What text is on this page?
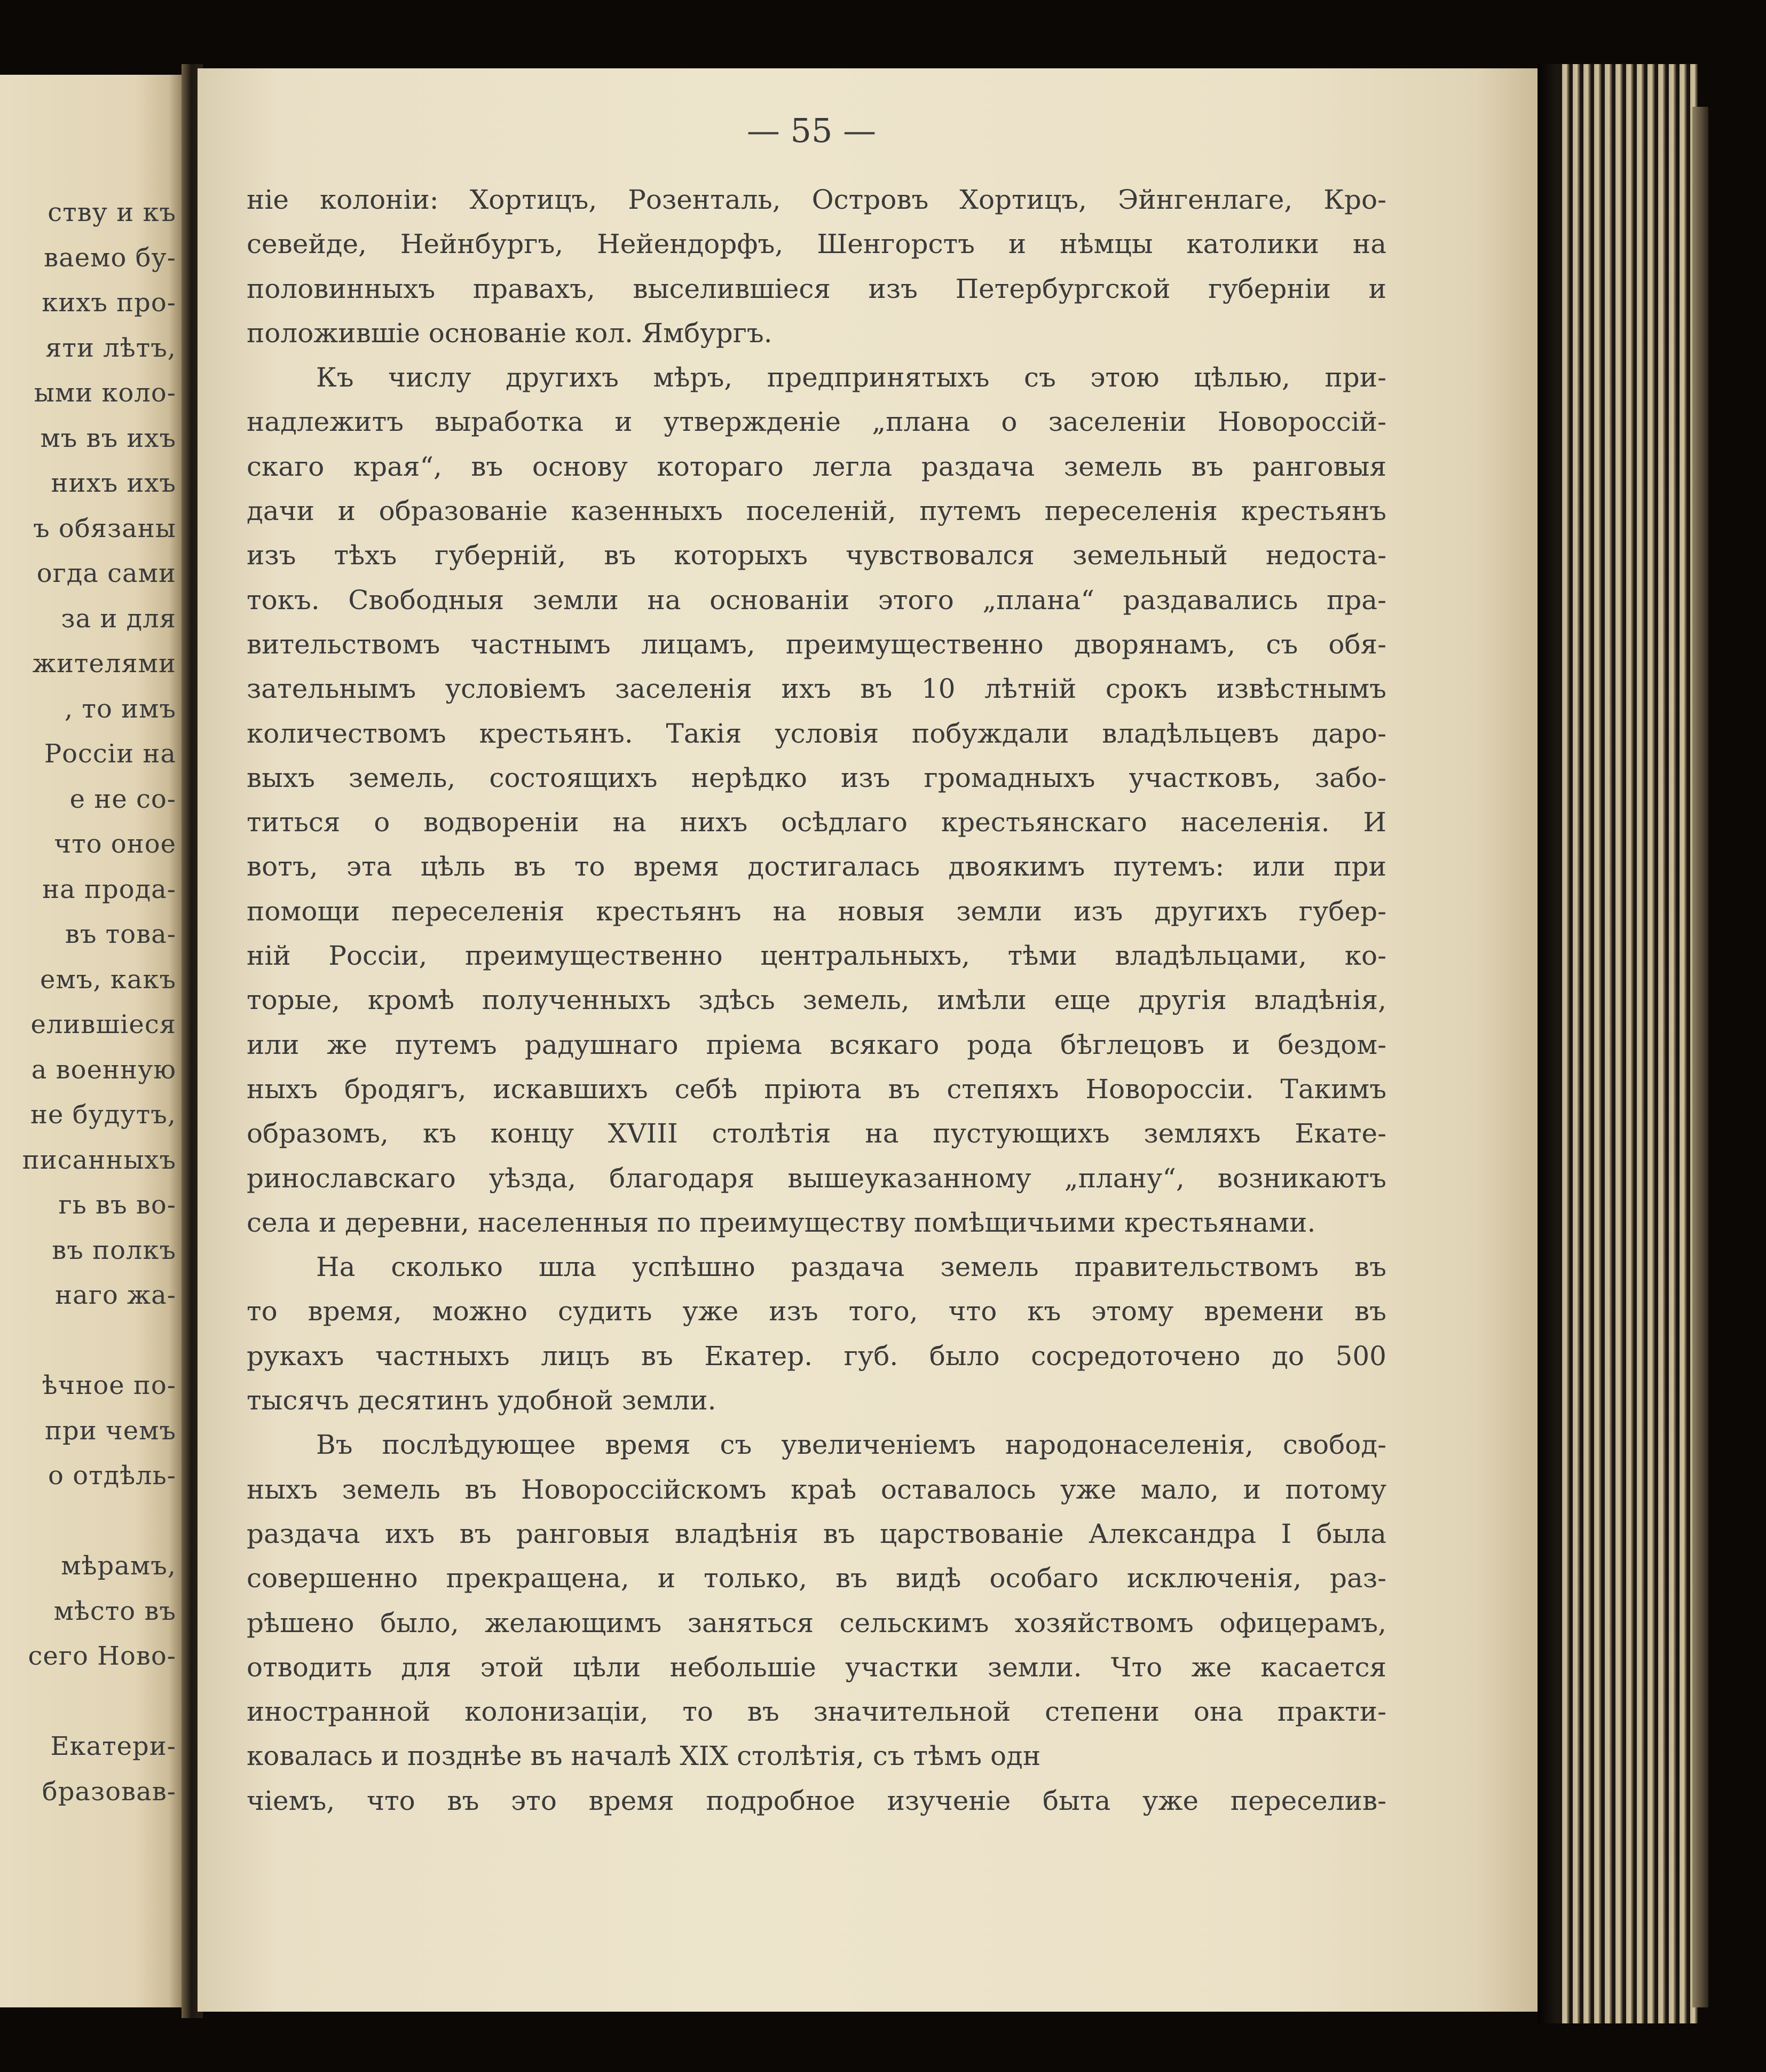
ству и къ
ваемо бу-
кихъ про-
яти лѣтъ,
ыми коло-
мъ въ ихъ
нихъ ихъ
ъ обязаны
огда сами
за и для
жителями
, то имъ
Россіи на
е не со-
что оное
на прода-
въ това-
емъ, какъ
елившіеся
а военную
не будутъ,
писанныхъ
гь въ во-
въ полкъ
наго жа-
ѣчное по-
при чемъ
о отдѣль-
мѣрамъ,
мѣсто въ
сего Ново-
Екатери-
бразовав-
— 55 —
ніе колоніи: Хортицъ, Розенталь, Островъ Хортицъ, Эйнгенлаге, Кро-
севейде, Нейнбургъ, Нейендорфъ, Шенгорстъ и нѣмцы католики на
половинныхъ правахъ, выселившіеся изъ Петербургской губерніи и
положившіе основаніе кол. Ямбургъ.
Къ числу другихъ мѣръ, предпринятыхъ съ этою цѣлью, при-
надлежитъ выработка и утвержденіе „плана о заселеніи Новороссій-
скаго края“, въ основу котораго легла раздача земель въ ранговыя
дачи и образованіе казенныхъ поселеній, путемъ переселенія крестьянъ
изъ тѣхъ губерній, въ которыхъ чувствовался земельный недоста-
токъ. Свободныя земли на основаніи этого „плана“ раздавались пра-
вительствомъ частнымъ лицамъ, преимущественно дворянамъ, съ обя-
зательнымъ условіемъ заселенія ихъ въ 10 лѣтній срокъ извѣстнымъ
количествомъ крестьянъ. Такія условія побуждали владѣльцевъ даро-
выхъ земель, состоящихъ нерѣдко изъ громадныхъ участковъ, забо-
титься о водвореніи на нихъ осѣдлаго крестьянскаго населенія. И
вотъ, эта цѣль въ то время достигалась двоякимъ путемъ: или при
помощи переселенія крестьянъ на новыя земли изъ другихъ губер-
ній Россіи, преимущественно центральныхъ, тѣми владѣльцами, ко-
торые, кромѣ полученныхъ здѣсь земель, имѣли еще другія владѣнія,
или же путемъ радушнаго пріема всякаго рода бѣглецовъ и бездом-
ныхъ бродягъ, искавшихъ себѣ пріюта въ степяхъ Новороссіи. Такимъ
образомъ, къ концу XVIII столѣтія на пустующихъ земляхъ Екате-
ринославскаго уѣзда, благодаря вышеуказанному „плану“, возникаютъ
села и деревни, населенныя по преимуществу помѣщичьими крестьянами.
На сколько шла успѣшно раздача земель правительствомъ въ
то время, можно судить уже изъ того, что къ этому времени въ
рукахъ частныхъ лицъ въ Екатер. губ. было сосредоточено до 500
тысячъ десятинъ удобной земли.
Въ послѣдующее время съ увеличеніемъ народонаселенія, свобод-
ныхъ земель въ Новороссійскомъ краѣ оставалось уже мало, и потому
раздача ихъ въ ранговыя владѣнія въ царствованіе Александра I была
совершенно прекращена, и только, въ видѣ особаго исключенія, раз-
рѣшено было, желающимъ заняться сельскимъ хозяйствомъ офицерамъ,
отводить для этой цѣли небольшіе участки земли. Что же касается
иностранной колонизаціи, то въ значительной степени она практи-
ковалась и позднѣе въ началѣ XIX столѣтія, съ тѣмъ одн
чіемъ, что въ это время подробное изученіе быта уже переселив-
